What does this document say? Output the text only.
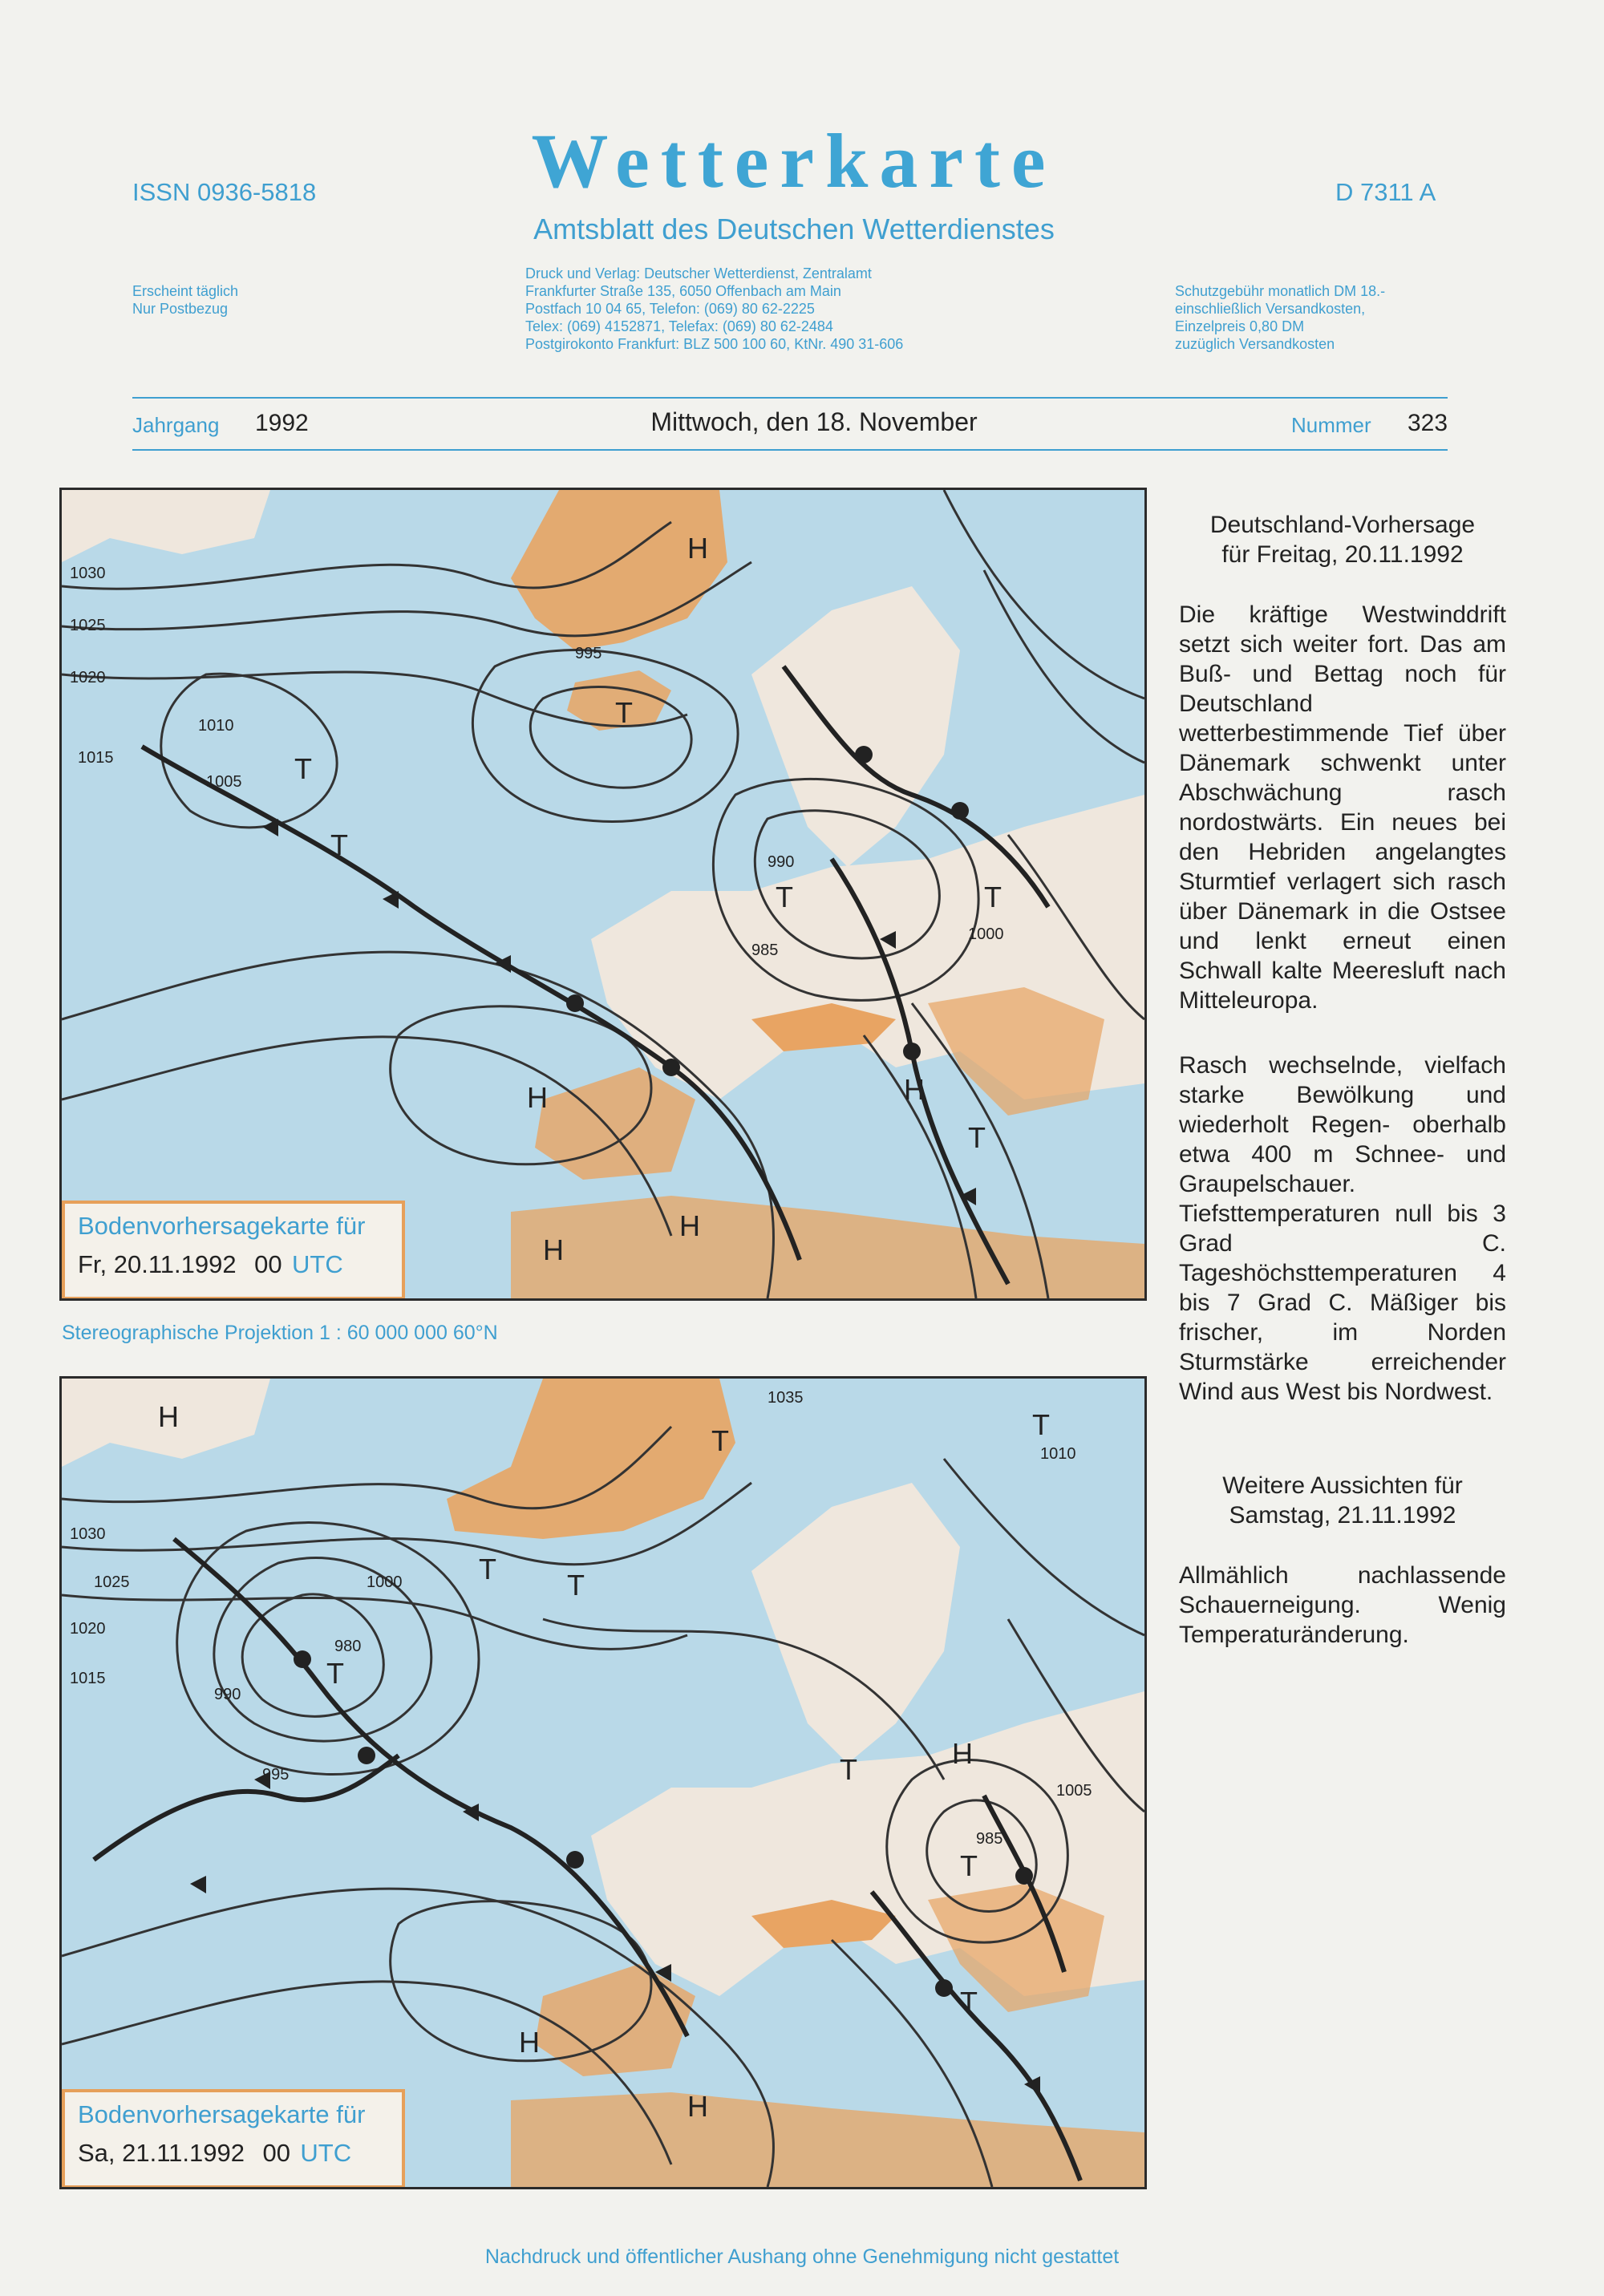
ISSN 0936-5818	Wetterkarte
Amtsblatt des Deutschen Wetterdienstes
D 7311 A
Erscheint täglich
Nur Postbezug
Druck und Verlag: Deutscher Wetterdienst, Zentralamt
Frankfurter Straße 135, 6050 Offenbach am Main
Postfach 10 04 65, Telefon: (069) 80 62-2225
Telex: (069) 4152871, Telefax: (069) 80 62-2484
Postgirokonto Frankfurt: BLZ 500 100 60, KtNr. 490 31-606
Schutzgebühr monatlich DM 18.-
einschließlich Versandkosten,
Einzelpreis 0,80 DM
zuzüglich Versandkosten
Jahrgang 1992	Mittwoch, den 18. November	Nummer 323
H
H
H
H
H
T
T
T
T	T
T
1030
1025
1020
1015
1010
1005
1000
995
990
985
Bodenvorhersagekarte für
Fr, 20.11.1992 00 UTC
Stereographische Projektion 1 : 60 000 000 60°N
H
H
H
H
T
T T
T
T
T
T
T
1035
1030
1025
1020
1015
1010
1005
1000
995
990
985
980
Bodenvorhersagekarte für
Sa, 21.11.1992 00 UTC
Deutschland-Vorhersage
für Freitag, 20.11.1992
Die kräftige Westwinddrift setzt sich weiter fort. Das am Buß- und Bettag noch für Deutschland wetterbestimmende Tief über Dänemark schwenkt unter Abschwächung rasch nordostwärts. Ein neues bei den Hebriden angelangtes Sturmtief verlagert sich rasch über Dänemark in die Ostsee und lenkt erneut einen Schwall kalte Meeresluft nach Mitteleuropa.
Rasch wechselnde, vielfach starke Bewölkung und wiederholt Regen- oberhalb etwa 400 m Schnee- und Graupelschauer. Tiefsttemperaturen null bis 3 Grad C. Tageshöchsttemperaturen 4 bis 7 Grad C. Mäßiger bis frischer, im Norden Sturmstärke erreichender Wind aus West bis Nordwest.
Weitere Aussichten für
Samstag, 21.11.1992
Allmählich nachlassende Schauerneigung. Wenig Temperaturänderung.
Nachdruck und öffentlicher Aushang ohne Genehmigung nicht gestattet
